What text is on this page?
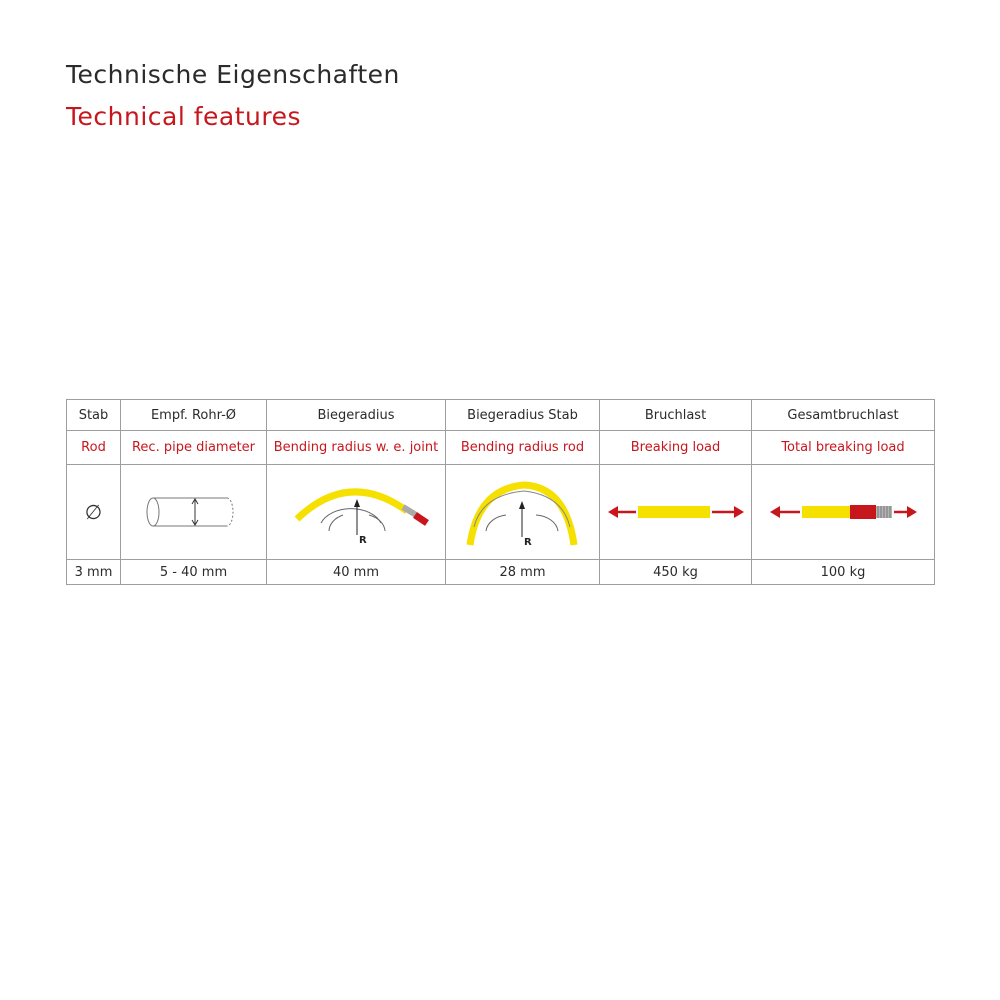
Technische Eigenschaften
Technical features
Stab	Empf. Rohr-Ø	Biegeradius	Biegeradius Stab	Bruchlast	Gesamtbruchlast
Rod	Rec. pipe diameter	Bending radius w. e. joint	Bending radius rod	Breaking load	Total breaking load
∅		R	R

3 mm	5 - 40 mm	40 mm	28 mm	450 kg	100 kg
